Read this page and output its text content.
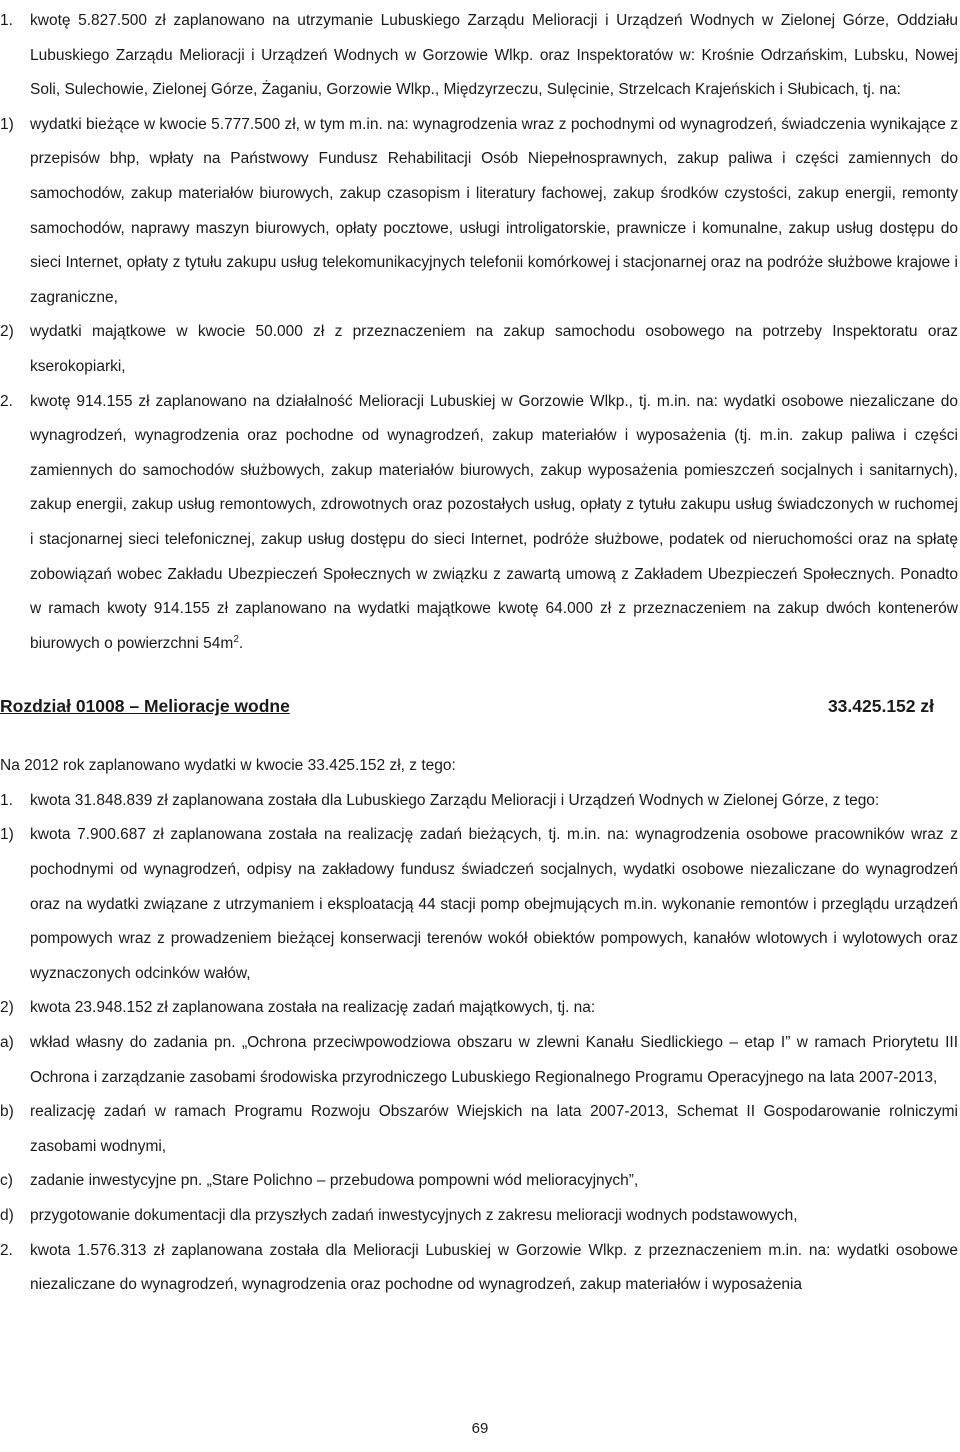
1.	kwotę 5.827.500 zł zaplanowano na utrzymanie Lubuskiego Zarządu Melioracji i Urządzeń Wodnych w Zielonej Górze, Oddziału Lubuskiego Zarządu Melioracji i Urządzeń Wodnych w Gorzowie Wlkp. oraz Inspektoratów w: Krośnie Odrzańskim, Lubsku, Nowej Soli, Sulechowie, Zielonej Górze, Żaganiu, Gorzowie Wlkp., Międzyrzeczu, Sulęcinie, Strzelcach Krajeńskich i Słubicach, tj. na:
1)	wydatki bieżące w kwocie 5.777.500 zł, w tym m.in. na: wynagrodzenia wraz z pochodnymi od wynagrodzeń, świadczenia wynikające z przepisów bhp, wpłaty na Państwowy Fundusz Rehabilitacji Osób Niepełnosprawnych, zakup paliwa i części zamiennych do samochodów, zakup materiałów biurowych, zakup czasopism i literatury fachowej, zakup środków czystości, zakup energii, remonty samochodów, naprawy maszyn biurowych, opłaty pocztowe, usługi introligatorskie, prawnicze i komunalne, zakup usług dostępu do sieci Internet, opłaty z tytułu zakupu usług telekomunikacyjnych telefonii komórkowej i stacjonarnej oraz na podróże służbowe krajowe i zagraniczne,
2)	wydatki majątkowe w kwocie 50.000 zł z przeznaczeniem na zakup samochodu osobowego na potrzeby Inspektoratu oraz kserokopiarki,
2.	kwotę 914.155 zł zaplanowano na działalność Melioracji Lubuskiej w Gorzowie Wlkp., tj. m.in. na: wydatki osobowe niezaliczane do wynagrodzeń, wynagrodzenia oraz pochodne od wynagrodzeń, zakup materiałów i wyposażenia (tj. m.in. zakup paliwa i części zamiennych do samochodów służbowych, zakup materiałów biurowych, zakup wyposażenia pomieszczeń socjalnych i sanitarnych), zakup energii, zakup usług remontowych, zdrowotnych oraz pozostałych usług, opłaty z tytułu zakupu usług świadczonych w ruchomej i stacjonarnej sieci telefonicznej, zakup usług dostępu do sieci Internet, podróże służbowe, podatek od nieruchomości oraz na spłatę zobowiązań wobec Zakładu Ubezpieczeń Społecznych w związku z zawartą umową z Zakładem Ubezpieczeń Społecznych. Ponadto w ramach kwoty 914.155 zł zaplanowano na wydatki majątkowe kwotę 64.000 zł z przeznaczeniem na zakup dwóch kontenerów biurowych o powierzchni $54m^2$.
Rozdział 01008 – Melioracje wodne	33.425.152 zł
Na 2012 rok zaplanowano wydatki w kwocie 33.425.152 zł, z tego:
1.	kwota 31.848.839 zł zaplanowana została dla Lubuskiego Zarządu Melioracji i Urządzeń Wodnych w Zielonej Górze, z tego:
1)	kwota 7.900.687 zł zaplanowana została na realizację zadań bieżących, tj. m.in. na: wynagrodzenia osobowe pracowników wraz z pochodnymi od wynagrodzeń, odpisy na zakładowy fundusz świadczeń socjalnych, wydatki osobowe niezaliczane do wynagrodzeń oraz na wydatki związane z utrzymaniem i eksploatacją 44 stacji pomp obejmujących m.in. wykonanie remontów i przeglądu urządzeń pompowych wraz z prowadzeniem bieżącej konserwacji terenów wokół obiektów pompowych, kanałów wlotowych i wylotowych oraz wyznaczonych odcinków wałów,
2)	kwota 23.948.152 zł zaplanowana została na realizację zadań majątkowych, tj. na:
a)	wkład własny do zadania pn. „Ochrona przeciwpowodziowa obszaru w zlewni Kanału Siedlickiego – etap I” w ramach Priorytetu III Ochrona i zarządzanie zasobami środowiska przyrodniczego Lubuskiego Regionalnego Programu Operacyjnego na lata 2007-2013,
b)	realizację zadań w ramach Programu Rozwoju Obszarów Wiejskich na lata 2007-2013, Schemat II Gospodarowanie rolniczymi zasobami wodnymi,
c)	zadanie inwestycyjne pn. „Stare Polichno – przebudowa pompowni wód melioracyjnych”,
d)	przygotowanie dokumentacji dla przyszłych zadań inwestycyjnych z zakresu melioracji wodnych podstawowych,
2.	kwota 1.576.313 zł zaplanowana została dla Melioracji Lubuskiej w Gorzowie Wlkp. z przeznaczeniem m.in. na: wydatki osobowe niezaliczane do wynagrodzeń, wynagrodzenia oraz pochodne od wynagrodzeń, zakup materiałów i wyposażenia
69
